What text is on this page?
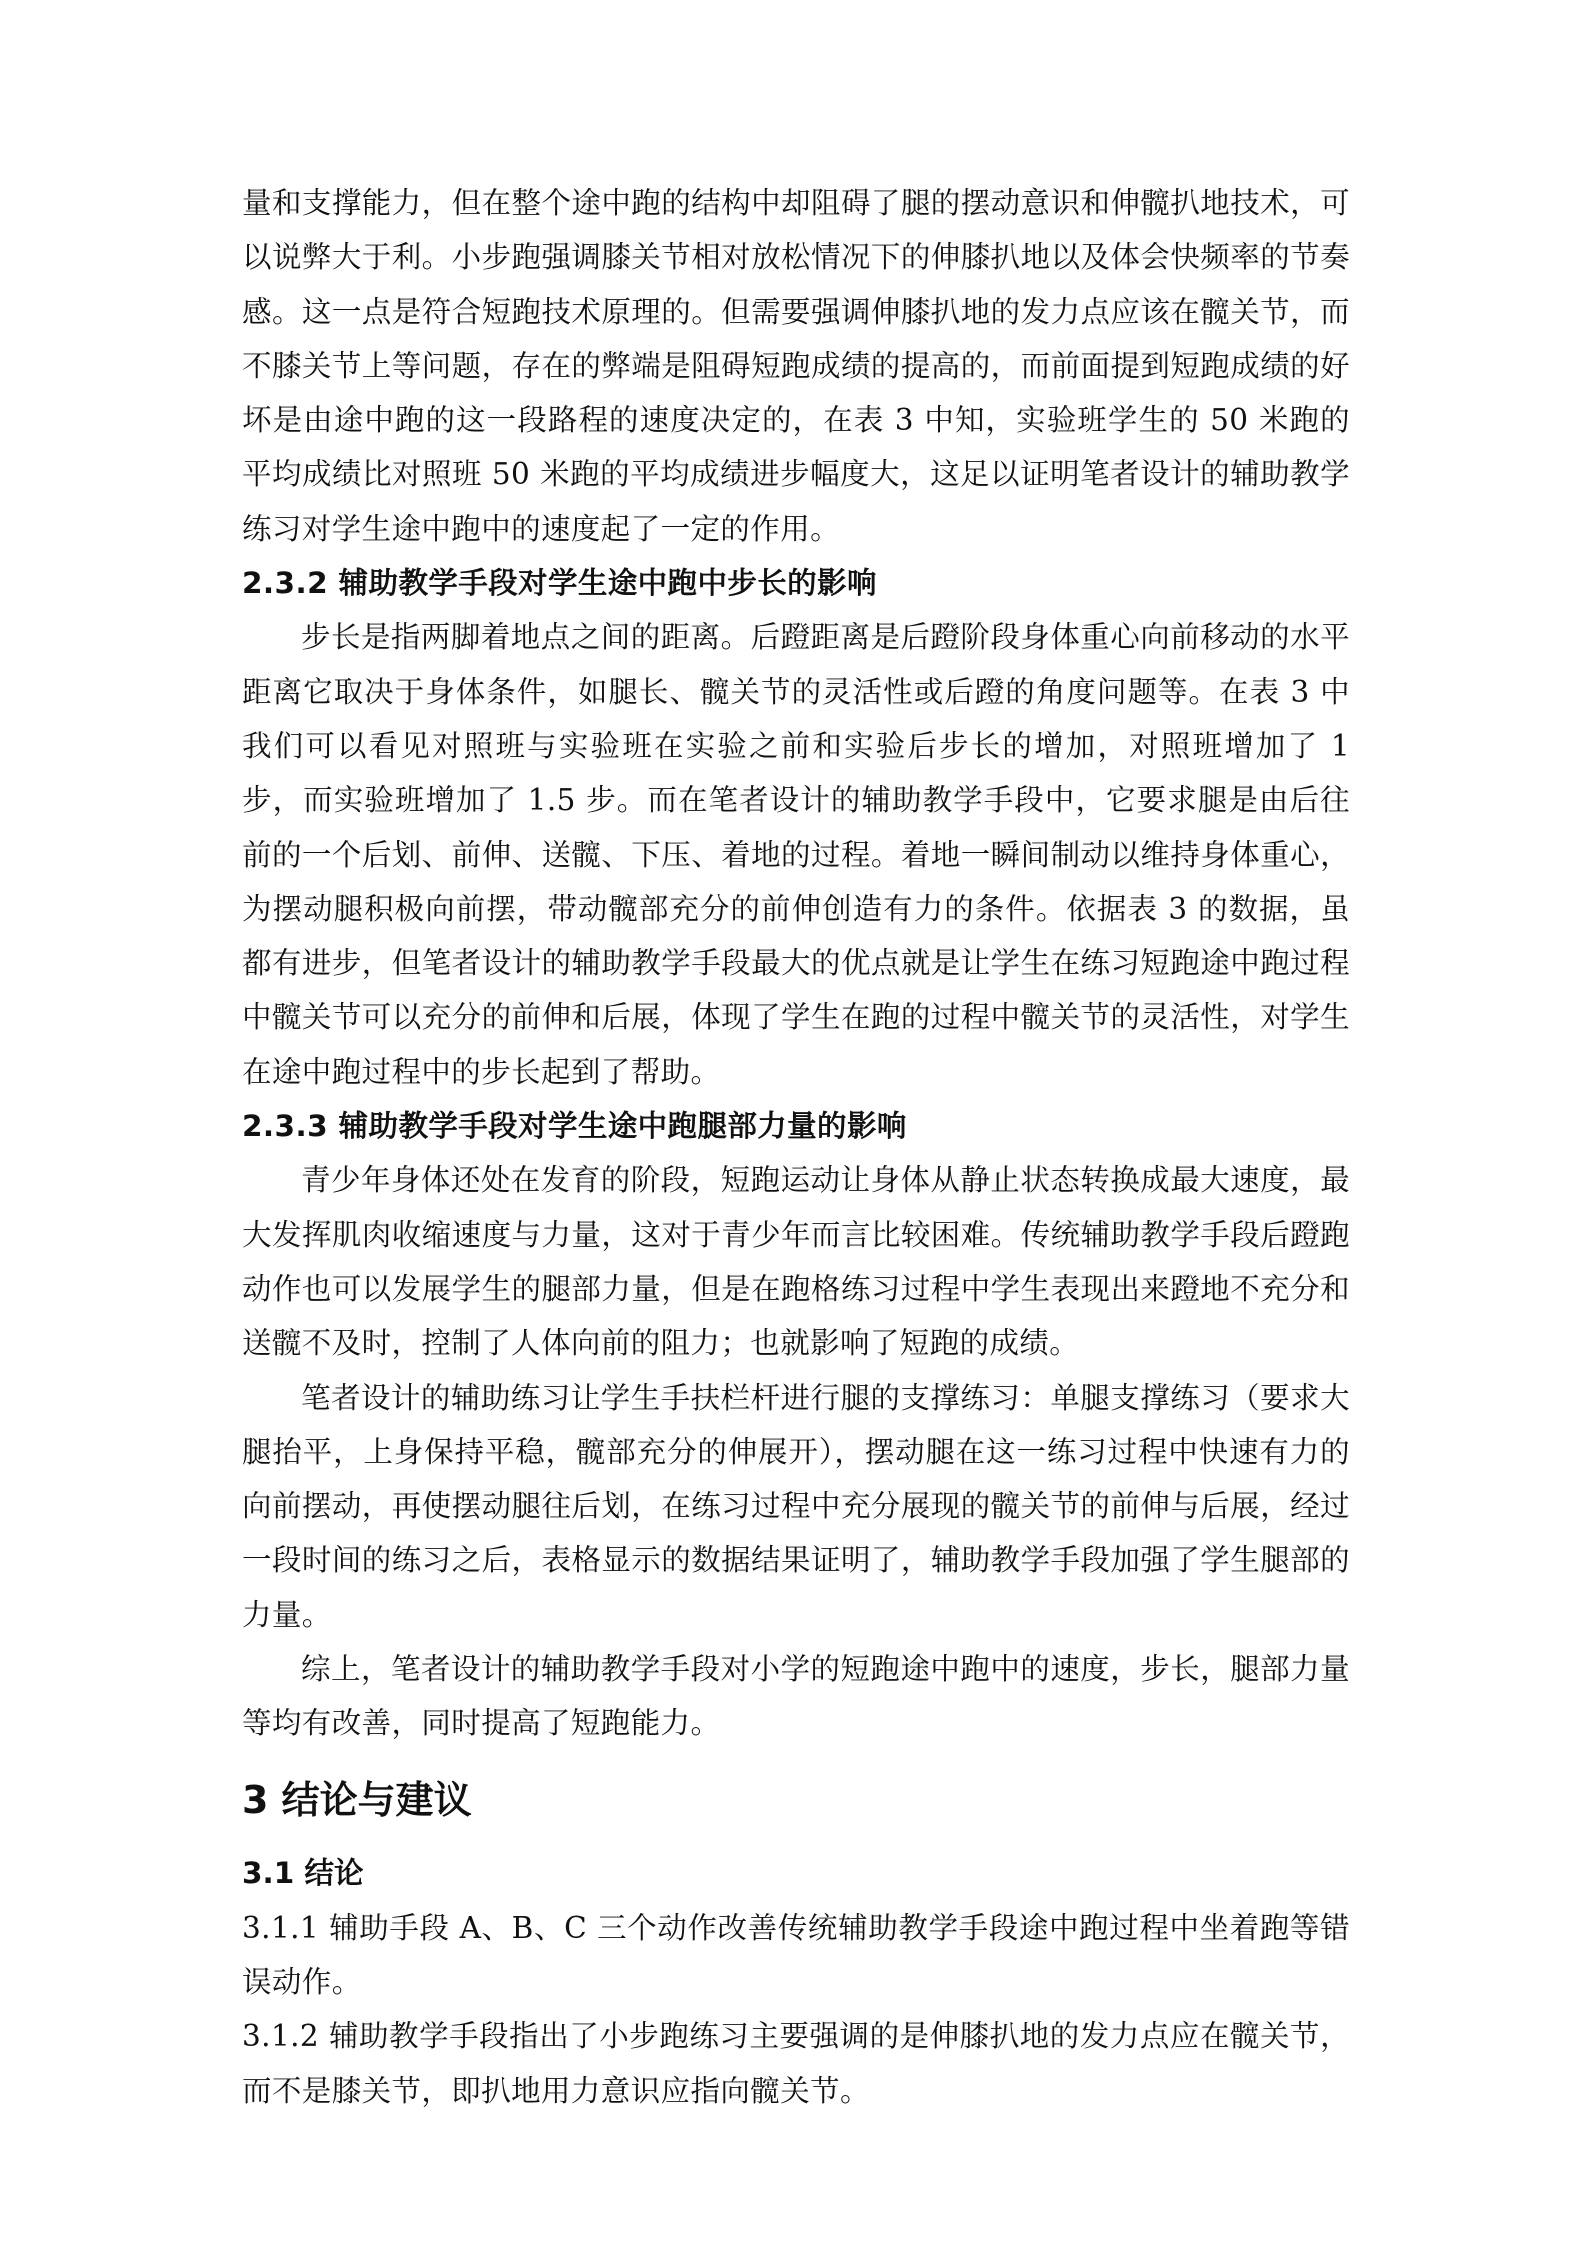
量和支撑能力，但在整个途中跑的结构中却阻碍了腿的摆动意识和伸髋扒地技术，可以说弊大于利。小步跑强调膝关节相对放松情况下的伸膝扒地以及体会快频率的节奏感。这一点是符合短跑技术原理的。但需要强调伸膝扒地的发力点应该在髋关节，而不膝关节上等问题，存在的弊端是阻碍短跑成绩的提高的，而前面提到短跑成绩的好坏是由途中跑的这一段路程的速度决定的，在表 3 中知，实验班学生的 50 米跑的平均成绩比对照班 50 米跑的平均成绩进步幅度大，这足以证明笔者设计的辅助教学练习对学生途中跑中的速度起了一定的作用。

2.3.2 辅助教学手段对学生途中跑中步长的影响

步长是指两脚着地点之间的距离。后蹬距离是后蹬阶段身体重心向前移动的水平距离它取决于身体条件，如腿长、髋关节的灵活性或后蹬的角度问题等。在表 3 中我们可以看见对照班与实验班在实验之前和实验后步长的增加，对照班增加了 1 步，而实验班增加了 1.5 步。而在笔者设计的辅助教学手段中，它要求腿是由后往前的一个后划、前伸、送髋、下压、着地的过程。着地一瞬间制动以维持身体重心，为摆动腿积极向前摆，带动髋部充分的前伸创造有力的条件。依据表 3 的数据，虽都有进步，但笔者设计的辅助教学手段最大的优点就是让学生在练习短跑途中跑过程中髋关节可以充分的前伸和后展，体现了学生在跑的过程中髋关节的灵活性，对学生在途中跑过程中的步长起到了帮助。

2.3.3 辅助教学手段对学生途中跑腿部力量的影响

青少年身体还处在发育的阶段，短跑运动让身体从静止状态转换成最大速度，最大发挥肌肉收缩速度与力量，这对于青少年而言比较困难。传统辅助教学手段后蹬跑动作也可以发展学生的腿部力量，但是在跑格练习过程中学生表现出来蹬地不充分和送髋不及时，控制了人体向前的阻力；也就影响了短跑的成绩。

笔者设计的辅助练习让学生手扶栏杆进行腿的支撑练习：单腿支撑练习（要求大腿抬平，上身保持平稳，髋部充分的伸展开），摆动腿在这一练习过程中快速有力的向前摆动，再使摆动腿往后划，在练习过程中充分展现的髋关节的前伸与后展，经过一段时间的练习之后，表格显示的数据结果证明了，辅助教学手段加强了学生腿部的力量。

综上，笔者设计的辅助教学手段对小学的短跑途中跑中的速度，步长，腿部力量等均有改善，同时提高了短跑能力。

3 结论与建议

3.1 结论

3.1.1 辅助手段 A、B、C 三个动作改善传统辅助教学手段途中跑过程中坐着跑等错误动作。

3.1.2 辅助教学手段指出了小步跑练习主要强调的是伸膝扒地的发力点应在髋关节，而不是膝关节，即扒地用力意识应指向髋关节。
